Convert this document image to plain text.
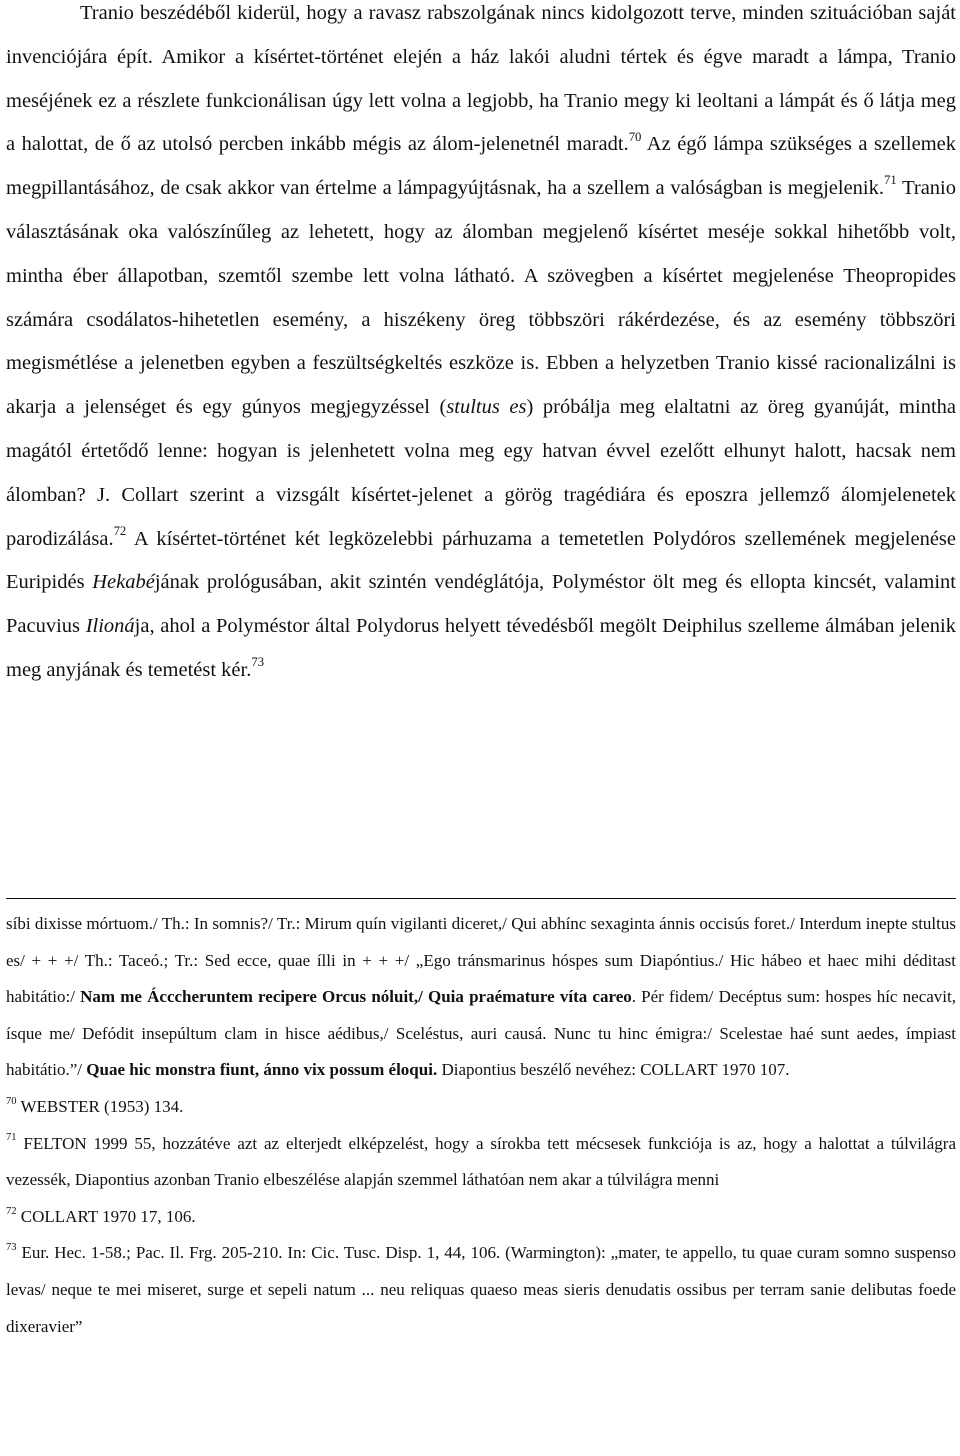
Tranio beszédéből kiderül, hogy a ravasz rabszolgának nincs kidolgozott terve, minden szituációban saját invenciójára épít. Amikor a kísértet-történet elején a ház lakói aludni tértek és égve maradt a lámpa, Tranio meséjének ez a részlete funkcionálisan úgy lett volna a legjobb, ha Tranio megy ki leoltani a lámpát és ő látja meg a halottat, de ő az utolsó percben inkább mégis az álom-jelenetnél maradt.$^{70}$ Az égő lámpa szükséges a szellemek megpillantásához, de csak akkor van értelme a lámpagyújtásnak, ha a szellem a valóságban is megjelenik.$^{71}$ Tranio választásának oka valószínűleg az lehetett, hogy az álomban megjelenő kísértet meséje sokkal hihetőbb volt, mintha éber állapotban, szemtől szembe lett volna látható. A szövegben a kísértet megjelenése Theopropides számára csodálatos-hihetetlen esemény, a hiszékeny öreg többszöri rákérdezése, és az esemény többszöri megismétlése a jelenetben egyben a feszültségkeltés eszköze is. Ebben a helyzetben Tranio kissé racionalizálni is akarja a jelenséget és egy gúnyos megjegyzéssel (stultus es) próbálja meg elaltatni az öreg gyanúját, mintha magától értetődő lenne: hogyan is jelenhetett volna meg egy hatvan évvel ezelőtt elhunyt halott, hacsak nem álomban? J. Collart szerint a vizsgált kísértet-jelenet a görög tragédiára és eposzra jellemző álomjelenetek parodizálása.$^{72}$ A kísértet-történet két legközelebbi párhuzama a temetetlen Polydóros szellemének megjelenése Euripidés Hekabéjának prológusában, akit szintén vendéglátója, Polyméstor ölt meg és ellopta kincsét, valamint Pacuvius Ilionája, ahol a Polyméstor által Polydorus helyett tévedésből megölt Deiphilus szelleme álmában jelenik meg anyjának és temetést kér.$^{73}$

síbi dixisse mórtuom./ Th.: In somnis?/ Tr.: Mirum quín vigilanti diceret,/ Qui abhínc sexaginta ánnis occisús foret./ Interdum inepte stultus es/ + + +/ Th.: Taceó.; Tr.: Sed ecce, quae ílli in + + +/ „Ego tránsmarinus hóspes sum Diapóntius./ Hic hábeo et haec mihi déditast habitátio:/ Nam me Ácccheruntem recipere Orcus nóluit,/ Quia praémature víta careo. Pér fidem/ Decéptus sum: hospes híc necavit, ísque me/ Defódit insepúltum clam in hisce aédibus,/ Sceléstus, auri causá. Nunc tu hinc émigra:/ Scelestae haé sunt aedes, ímpiast habitátio.”/ Quae hic monstra fiunt, ánno vix possum éloqui. Diapontius beszélő nevéhez: COLLART 1970 107.

$^{70}$ WEBSTER (1953) 134.

$^{71}$ FELTON 1999 55, hozzátéve azt az elterjedt elképzelést, hogy a sírokba tett mécsesek funkciója is az, hogy a halottat a túlvilágra vezessék, Diapontius azonban Tranio elbeszélése alapján szemmel láthatóan nem akar a túlvilágra menni

$^{72}$ COLLART 1970 17, 106.

$^{73}$ Eur. Hec. 1-58.; Pac. Il. Frg. 205-210. In: Cic. Tusc. Disp. 1, 44, 106. (Warmington): „mater, te appello, tu quae curam somno suspenso levas/ neque te mei miseret, surge et sepeli natum ... neu reliquas quaeso meas sieris denudatis ossibus per terram sanie delibutas foede dixeravier”
